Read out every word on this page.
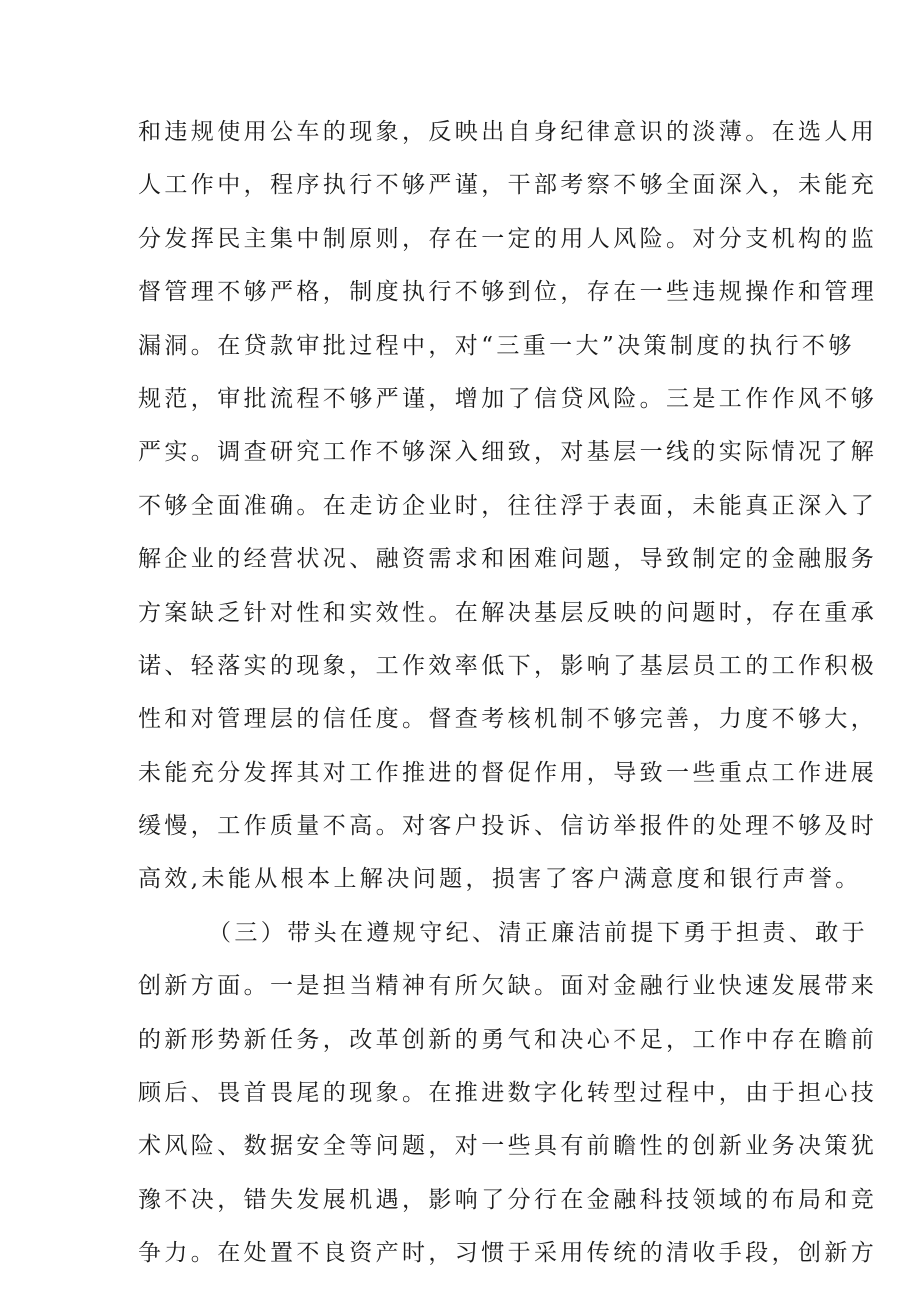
和违规使用公车的现象，反映出自身纪律意识的淡薄。在选人用
人工作中，程序执行不够严谨，干部考察不够全面深入，未能充
分发挥民主集中制原则，存在一定的用人风险。对分支机构的监
督管理不够严格，制度执行不够到位，存在一些违规操作和管理
漏洞。在贷款审批过程中，对“三重一大”决策制度的执行不够
规范，审批流程不够严谨，增加了信贷风险。三是工作作风不够
严实。调查研究工作不够深入细致，对基层一线的实际情况了解
不够全面准确。在走访企业时，往往浮于表面，未能真正深入了
解企业的经营状况、融资需求和困难问题，导致制定的金融服务
方案缺乏针对性和实效性。在解决基层反映的问题时，存在重承
诺、轻落实的现象，工作效率低下，影响了基层员工的工作积极
性和对管理层的信任度。督查考核机制不够完善，力度不够大，
未能充分发挥其对工作推进的督促作用，导致一些重点工作进展
缓慢，工作质量不高。对客户投诉、信访举报件的处理不够及时
高效,未能从根本上解决问题，损害了客户满意度和银行声誉。
（三）带头在遵规守纪、清正廉洁前提下勇于担责、敢于
创新方面。一是担当精神有所欠缺。面对金融行业快速发展带来
的新形势新任务，改革创新的勇气和决心不足，工作中存在瞻前
顾后、畏首畏尾的现象。在推进数字化转型过程中，由于担心技
术风险、数据安全等问题，对一些具有前瞻性的创新业务决策犹
豫不决，错失发展机遇，影响了分行在金融科技领域的布局和竞
争力。在处置不良资产时，习惯于采用传统的清收手段，创新方
